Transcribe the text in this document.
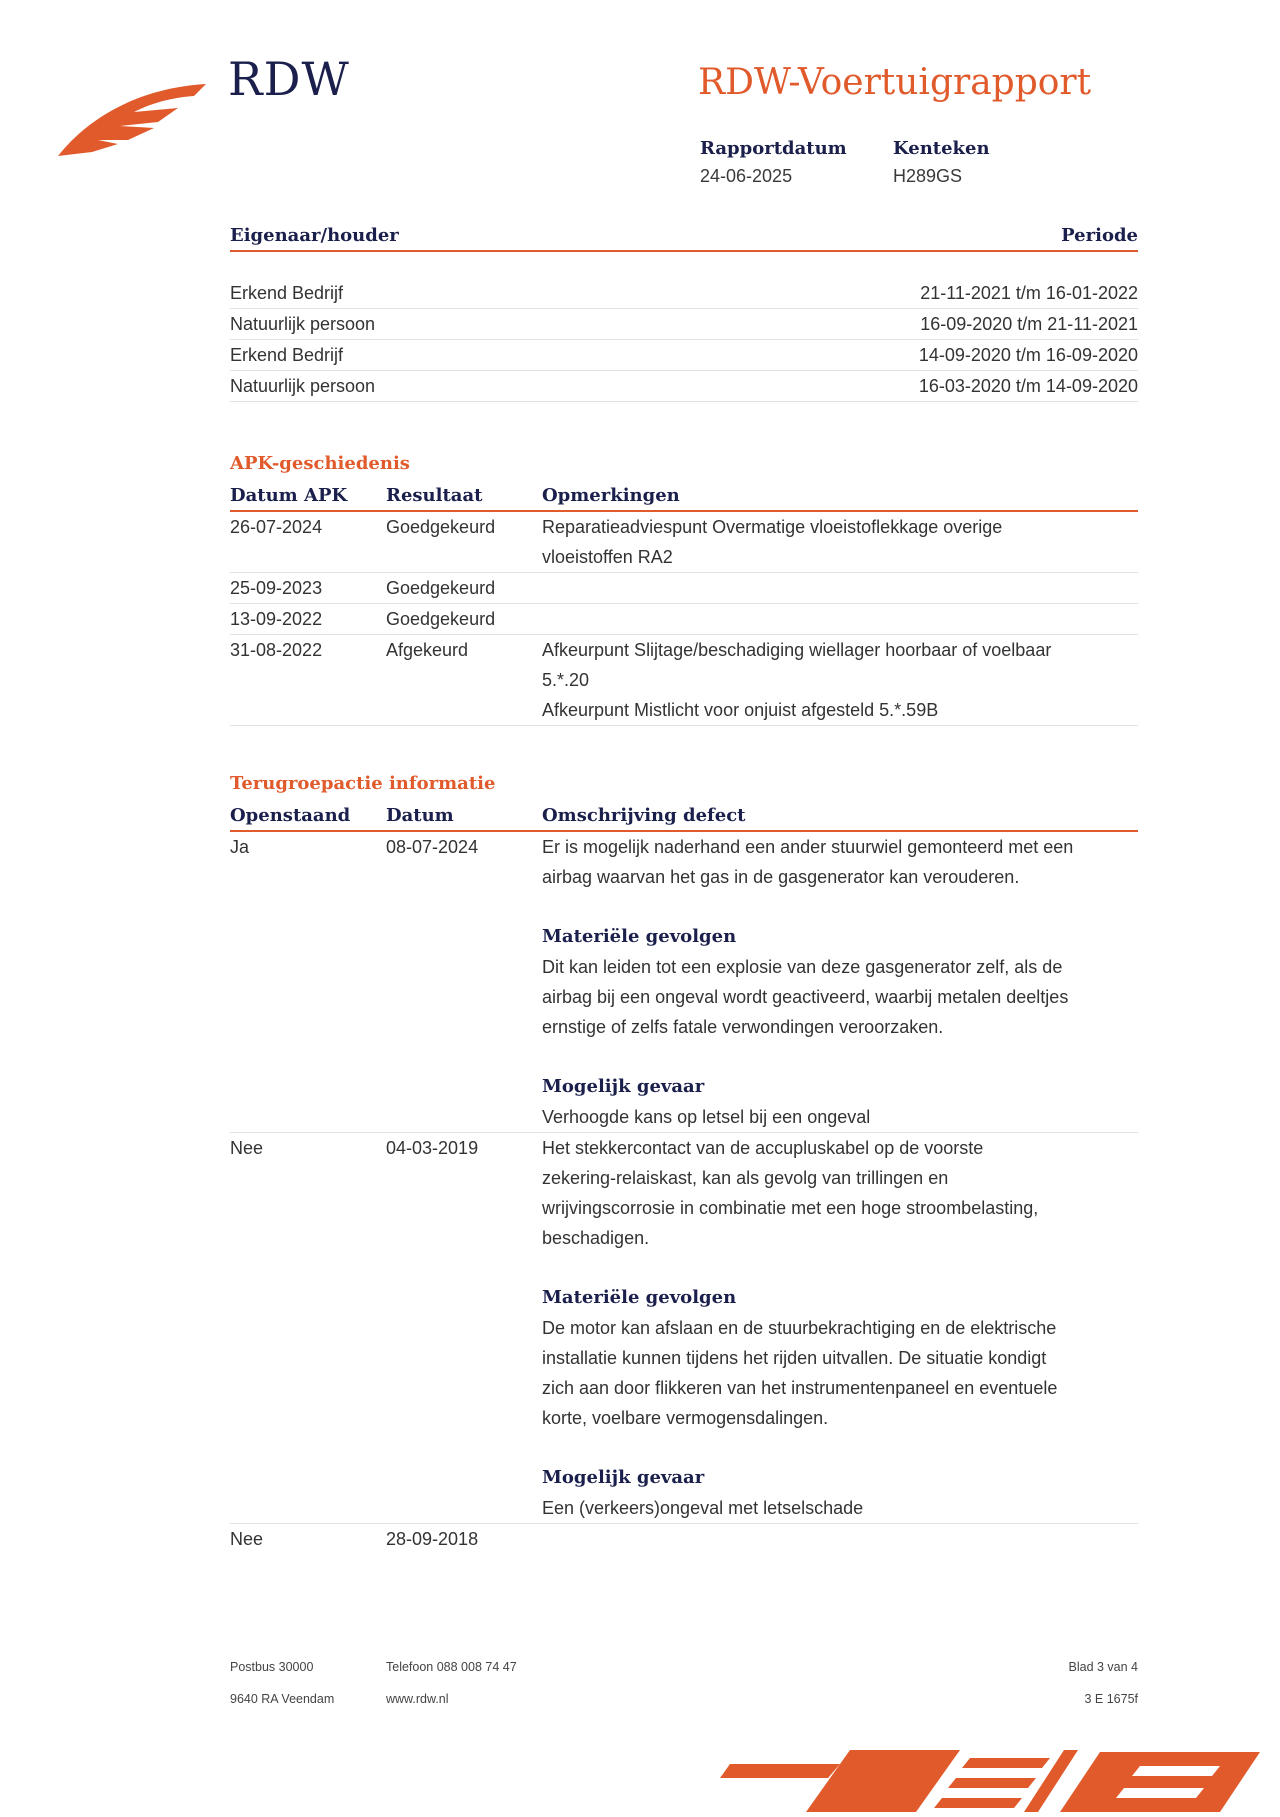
RDW	RDW-Voertuigrapport
Rapportdatum
24-06-2025
Kenteken
H289GS
Eigenaar/houder	Periode
Erkend Bedrijf	21-11-2021 t/m 16-01-2022
Natuurlijk persoon	16-09-2020 t/m 21-11-2021
Erkend Bedrijf	14-09-2020 t/m 16-09-2020
Natuurlijk persoon	16-03-2020 t/m 14-09-2020
APK-geschiedenis
Datum APK	Resultaat	Opmerkingen
26-07-2024	Goedgekeurd	Reparatieadviespunt Overmatige vloeistoflekkage overige
vloeistoffen RA2
25-09-2023	Goedgekeurd
13-09-2022	Goedgekeurd
31-08-2022	Afgekeurd	Afkeurpunt Slijtage/beschadiging wiellager hoorbaar of voelbaar
5.*.20
Afkeurpunt Mistlicht voor onjuist afgesteld 5.*.59B
Terugroepactie informatie
Openstaand	Datum	Omschrijving defect
Ja	08-07-2024	Er is mogelijk naderhand een ander stuurwiel gemonteerd met een
airbag waarvan het gas in de gasgenerator kan verouderen.
Materiële gevolgen
Dit kan leiden tot een explosie van deze gasgenerator zelf, als de
airbag bij een ongeval wordt geactiveerd, waarbij metalen deeltjes
ernstige of zelfs fatale verwondingen veroorzaken.
Mogelijk gevaar
Verhoogde kans op letsel bij een ongeval
Nee	04-03-2019	Het stekkercontact van de accupluskabel op de voorste
zekering-relaiskast, kan als gevolg van trillingen en
wrijvingscorrosie in combinatie met een hoge stroombelasting,
beschadigen.
Materiële gevolgen
De motor kan afslaan en de stuurbekrachtiging en de elektrische
installatie kunnen tijdens het rijden uitvallen. De situatie kondigt
zich aan door flikkeren van het instrumentenpaneel en eventuele
korte, voelbare vermogensdalingen.
Mogelijk gevaar
Een (verkeers)ongeval met letselschade
Nee	28-09-2018
Postbus 30000
9640 RA Veendam
Telefoon 088 008 74 47
www.rdw.nl
Blad 3 van 4
3 E 1675f
